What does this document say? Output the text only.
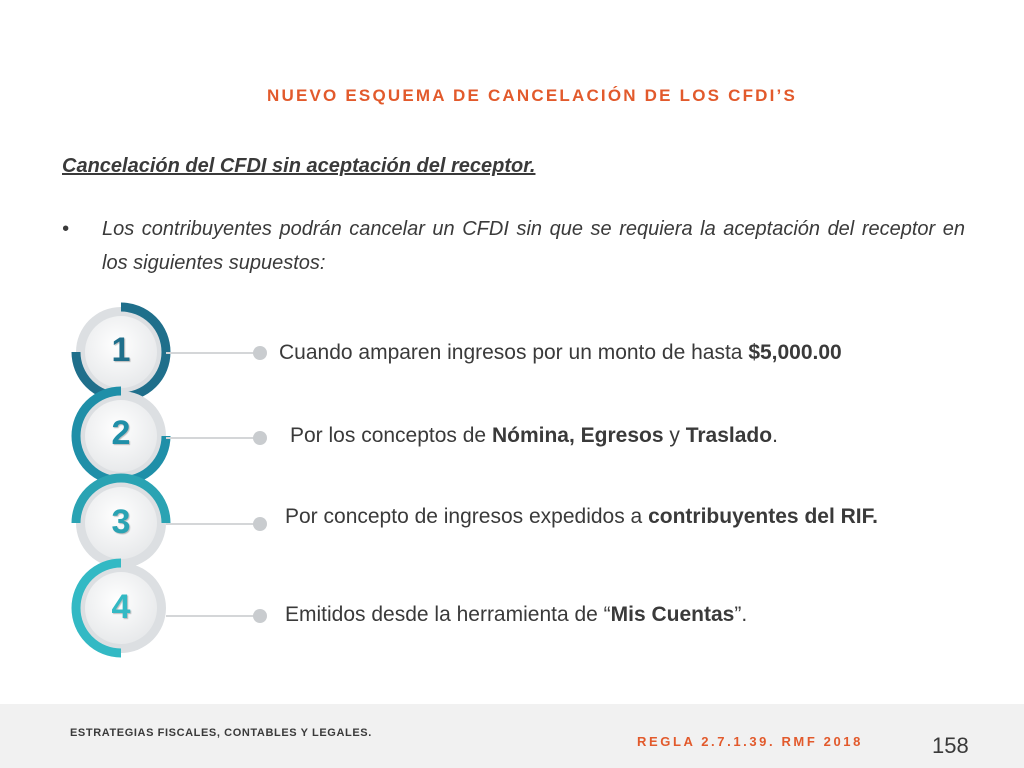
NUEVO ESQUEMA DE CANCELACIÓN DE LOS CFDI’S
Cancelación del CFDI sin aceptación del receptor.
• Los contribuyentes podrán cancelar un CFDI sin que se requiera la aceptación del receptor en los siguientes supuestos:
1
2
3
4
Cuando amparen ingresos por un monto de hasta $5,000.00
Por los conceptos de Nómina, Egresos y Traslado.
Por concepto de ingresos expedidos a contribuyentes del RIF.
Emitidos desde la herramienta de “Mis Cuentas”.
ESTRATEGIAS FISCALES, CONTABLES Y LEGALES.
REGLA 2.7.1.39. RMF 2018	158
